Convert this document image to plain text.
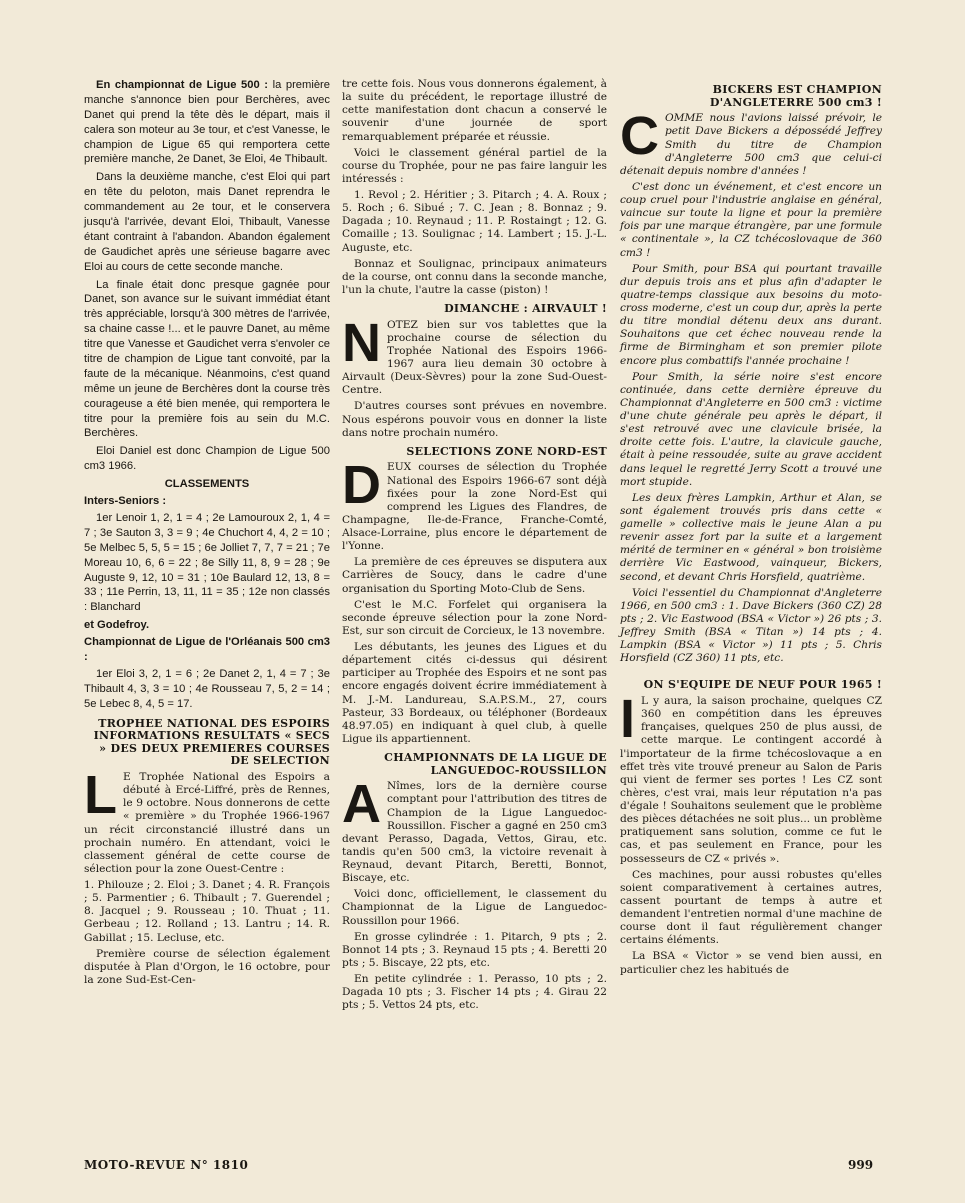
En championnat de Ligue 500 : la première manche s'annonce bien pour Berchères, avec Danet qui prend la tête dès le départ, mais il calera son moteur au 3e tour, et c'est Vanesse, le champion de Ligue 65 qui remportera cette première manche, 2e Danet, 3e Eloi, 4e Thibault.

Dans la deuxième manche, c'est Eloi qui part en tête du peloton, mais Danet reprendra le commandement au 2e tour, et le conservera jusqu'à l'arrivée, devant Eloi, Thibault, Vanesse étant contraint à l'abandon. Abandon également de Gaudichet après une sérieuse bagarre avec Eloi au cours de cette seconde manche.

La finale était donc presque gagnée pour Danet, son avance sur le suivant immédiat étant très appréciable, lorsqu'à 300 mètres de l'arrivée, sa chaine casse !... et le pauvre Danet, au même titre que Vanesse et Gaudichet verra s'envoler ce titre de champion de Ligue tant convoité, par la faute de la mécanique. Néanmoins, c'est quand même un jeune de Berchères dont la course très courageuse a été bien menée, qui remportera le titre pour la première fois au sein du M.C. Berchères.

Eloi Daniel est donc Champion de Ligue 500 cm3 1966.

CLASSEMENTS

Inters-Seniors :

1er Lenoir 1, 2, 1 = 4 ; 2e Lamouroux 2, 1, 4 = 7 ; 3e Sauton 3, 3 = 9 ; 4e Chuchort 4, 4, 2 = 10 ; 5e Melbec 5, 5, 5 = 15 ; 6e Jolliet 7, 7, 7 = 21 ; 7e Moreau 10, 6, 6 = 22 ; 8e Silly 11, 8, 9 = 28 ; 9e Auguste 9, 12, 10 = 31 ; 10e Baulard 12, 13, 8 = 33 ; 11e Perrin, 13, 11, 11 = 35 ; 12e non classés : Blanchard

et Godefroy.

Championnat de Ligue de l'Orléanais 500 cm3 :

1er Eloi 3, 2, 1 = 6 ; 2e Danet 2, 1, 4 = 7 ; 3e Thibault 4, 3, 3 = 10 ; 4e Rousseau 7, 5, 2 = 14 ; 5e Lebec 8, 4, 5 = 17.

TROPHEE NATIONAL DES ESPOIRS INFORMATIONS RESULTATS « SECS » DES DEUX PREMIERES COURSES DE SELECTION

L E Trophée National des Espoirs a débuté à Ercé-Liffré, près de Rennes, le 9 octobre. Nous donnerons de cette « première » du Trophée 1966-1967 un récit circonstancié illustré dans un prochain numéro. En attendant, voici le classement général de cette course de sélection pour la zone Ouest-Centre :

1. Philouze ; 2. Eloi ; 3. Danet ; 4. R. François ; 5. Parmentier ; 6. Thibault ; 7. Guerendel ; 8. Jacquel ; 9. Rousseau ; 10. Thuat ; 11. Gerbeau ; 12. Rolland ; 13. Lantru ; 14. R. Gabillat ; 15. Lecluse, etc.

Première course de sélection également disputée à Plan d'Orgon, le 16 octobre, pour la zone Sud-Est-Cen-

tre cette fois. Nous vous donnerons également, à la suite du précédent, le reportage illustré de cette manifestation dont chacun a conservé le souvenir d'une journée de sport remarquablement préparée et réussie.

Voici le classement général partiel de la course du Trophée, pour ne pas faire languir les intéressés :

1. Revol ; 2. Héritier ; 3. Pitarch ; 4. A. Roux ; 5. Roch ; 6. Sibué ; 7. C. Jean ; 8. Bonnaz ; 9. Dagada ; 10. Reynaud ; 11. P. Rostaingt ; 12. G. Comaille ; 13. Soulignac ; 14. Lambert ; 15. J.-L. Auguste, etc.

Bonnaz et Soulignac, principaux animateurs de la course, ont connu dans la seconde manche, l'un la chute, l'autre la casse (piston) !

DIMANCHE : AIRVAULT !

NOTEZ bien sur vos tablettes que la prochaine course de sélection du Trophée National des Espoirs 1966-1967 aura lieu demain 30 octobre à Airvault (Deux-Sèvres) pour la zone Sud-Ouest-Centre.

D'autres courses sont prévues en novembre. Nous espérons pouvoir vous en donner la liste dans notre prochain numéro.

SELECTIONS ZONE NORD-EST

DEUX courses de sélection du Trophée National des Espoirs 1966-67 sont déjà fixées pour la zone Nord-Est qui comprend les Ligues des Flandres, de Champagne, Ile-de-France, Franche-Comté, Alsace-Lorraine, plus encore le département de l'Yonne.

La première de ces épreuves se disputera aux Carrières de Soucy, dans le cadre d'une organisation du Sporting Moto-Club de Sens.

C'est le M.C. Forfelet qui organisera la seconde épreuve sélection pour la zone Nord-Est, sur son circuit de Corcieux, le 13 novembre.

Les débutants, les jeunes des Ligues et du département cités ci-dessus qui désirent participer au Trophée des Espoirs et ne sont pas encore engagés doivent écrire immédiatement à M. J.-M. Landureau, S.A.P.S.M., 27, cours Pasteur, 33 Bordeaux, ou téléphoner (Bordeaux 48.97.05) en indiquant à quel club, à quelle Ligue ils appartiennent.

CHAMPIONNATS DE LA LIGUE DE LANGUEDOC-ROUSSILLON

A Nîmes, lors de la dernière course comptant pour l'attribution des titres de Champion de la Ligue Languedoc-Roussillon. Fischer a gagné en 250 cm3 devant Perasso, Dagada, Vettos, Girau, etc. tandis qu'en 500 cm3, la victoire revenait à Reynaud, devant Pitarch, Beretti, Bonnot, Biscaye, etc.

Voici donc, officiellement, le classement du Championnat de la Ligue de Languedoc-Roussillon pour 1966.

En grosse cylindrée : 1. Pitarch, 9 pts ; 2. Bonnot 14 pts ; 3. Reynaud 15 pts ; 4. Beretti 20 pts ; 5. Biscaye, 22 pts, etc.

En petite cylindrée : 1. Perasso, 10 pts ; 2. Dagada 10 pts ; 3. Fischer 14 pts ; 4. Girau 22 pts ; 5. Vettos 24 pts, etc.

BICKERS EST CHAMPION D'ANGLETERRE 500 cm3 !

COMME nous l'avions laissé prévoir, le petit Dave Bickers a dépossédé Jeffrey Smith du titre de Champion d'Angleterre 500 cm3 que celui-ci détenait depuis nombre d'années !

C'est donc un événement, et c'est encore un coup cruel pour l'industrie anglaise en général, vaincue sur toute la ligne et pour la première fois par une marque étrangère, par une formule « continentale », la CZ tchécoslovaque de 360 cm3 !

Pour Smith, pour BSA qui pourtant travaille dur depuis trois ans et plus afin d'adapter le quatre-temps classique aux besoins du moto-cross moderne, c'est un coup dur, après la perte du titre mondial détenu deux ans durant. Souhaitons que cet échec nouveau rende la firme de Birmingham et son premier pilote encore plus combattifs l'année prochaine !

Pour Smith, la série noire s'est encore continuée, dans cette dernière épreuve du Championnat d'Angleterre en 500 cm3 : victime d'une chute générale peu après le départ, il s'est retrouvé avec une clavicule brisée, la droite cette fois. L'autre, la clavicule gauche, était à peine ressoudée, suite au grave accident dans lequel le regretté Jerry Scott a trouvé une mort stupide.

Les deux frères Lampkin, Arthur et Alan, se sont également trouvés pris dans cette « gamelle » collective mais le jeune Alan a pu revenir assez fort par la suite et a largement mérité de terminer en « général » bon troisième derrière Vic Eastwood, vainqueur, Bickers, second, et devant Chris Horsfield, quatrième.

Voici l'essentiel du Championnat d'Angleterre 1966, en 500 cm3 : 1. Dave Bickers (360 CZ) 28 pts ; 2. Vic Eastwood (BSA « Victor ») 26 pts ; 3. Jeffrey Smith (BSA « Titan ») 14 pts ; 4. Lampkin (BSA « Victor ») 11 pts ; 5. Chris Horsfield (CZ 360) 11 pts, etc.

ON S'EQUIPE DE NEUF POUR 1965 !

I L y aura, la saison prochaine, quelques CZ 360 en compétition dans les épreuves françaises, quelques 250 de plus aussi, de cette marque. Le contingent accordé à l'importateur de la firme tchécoslovaque a en effet très vite trouvé preneur au Salon de Paris qui vient de fermer ses portes ! Les CZ sont chères, c'est vrai, mais leur réputation n'a pas d'égale ! Souhaitons seulement que le problème des pièces détachées ne soit plus... un problème pratiquement sans solution, comme ce fut le cas, et pas seulement en France, pour les possesseurs de CZ « privés ».

Ces machines, pour aussi robustes qu'elles soient comparativement à certaines autres, cassent pourtant de temps à autre et demandent l'entretien normal d'une machine de course dont il faut régulièrement changer certains éléments.

La BSA « Victor » se vend bien aussi, en particulier chez les habitués de

MOTO-REVUE N° 1810	999
